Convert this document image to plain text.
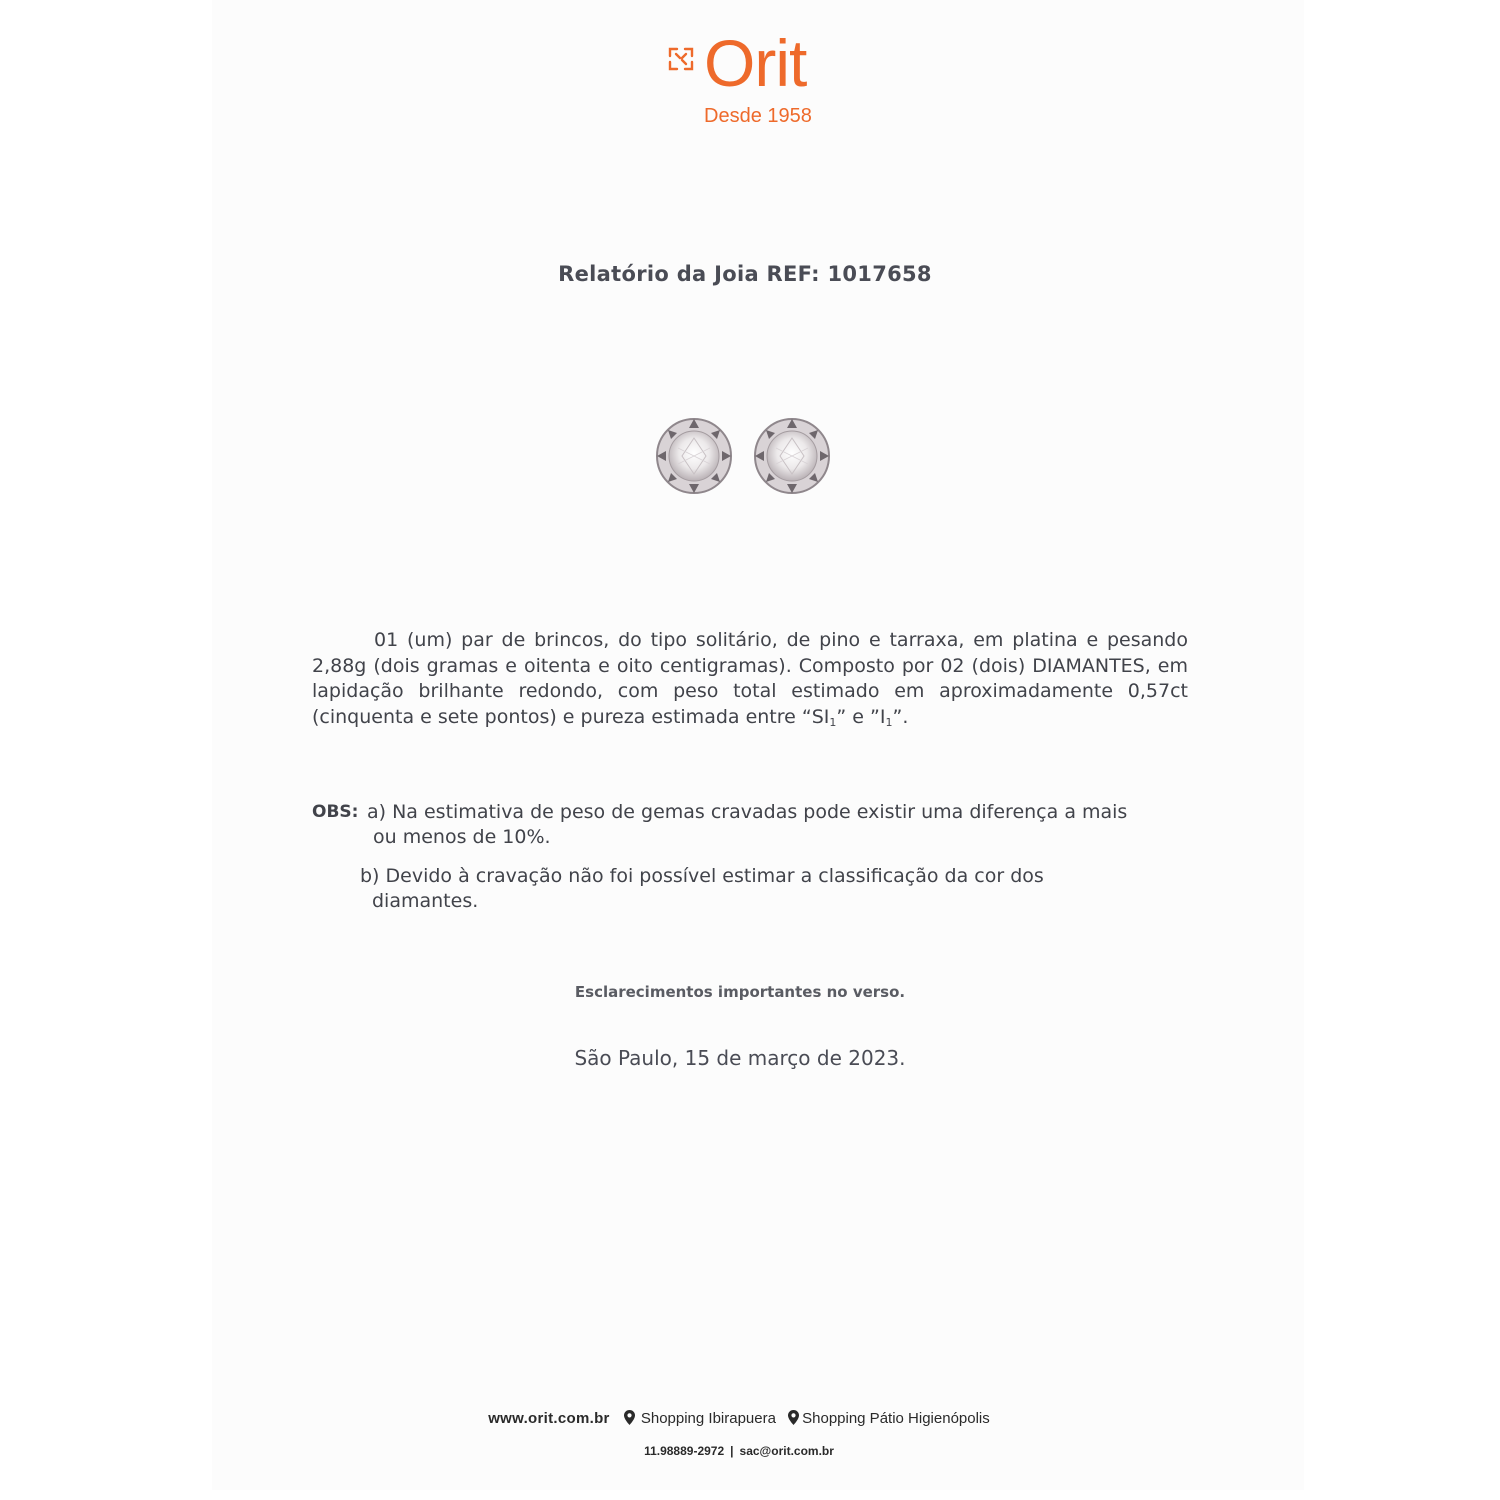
Orit
Desde 1958
Relatório da Joia REF: 1017658

01 (um) par de brincos, do tipo solitário, de pino e tarraxa, em platina e pesando 2,88g (dois gramas e oitenta e oito centigramas). Composto por 02 (dois) DIAMANTES, em lapidação brilhante redondo, com peso total estimado em aproximadamente 0,57ct (cinquenta e sete pontos) e pureza estimada entre “$SI_1$” e $”I_1$”.

OBS: a) Na estimativa de peso de gemas cravadas pode existir uma diferença a mais
ou menos de 10%.
b) Devido à cravação não foi possível estimar a classificação da cor dos
diamantes.
Esclarecimentos importantes no verso.
São Paulo, 15 de março de 2023.
www.orit.com.br Shopping Ibirapuera Shopping Pátio Higienópolis
11.98889-2972 | sac@orit.com.br
